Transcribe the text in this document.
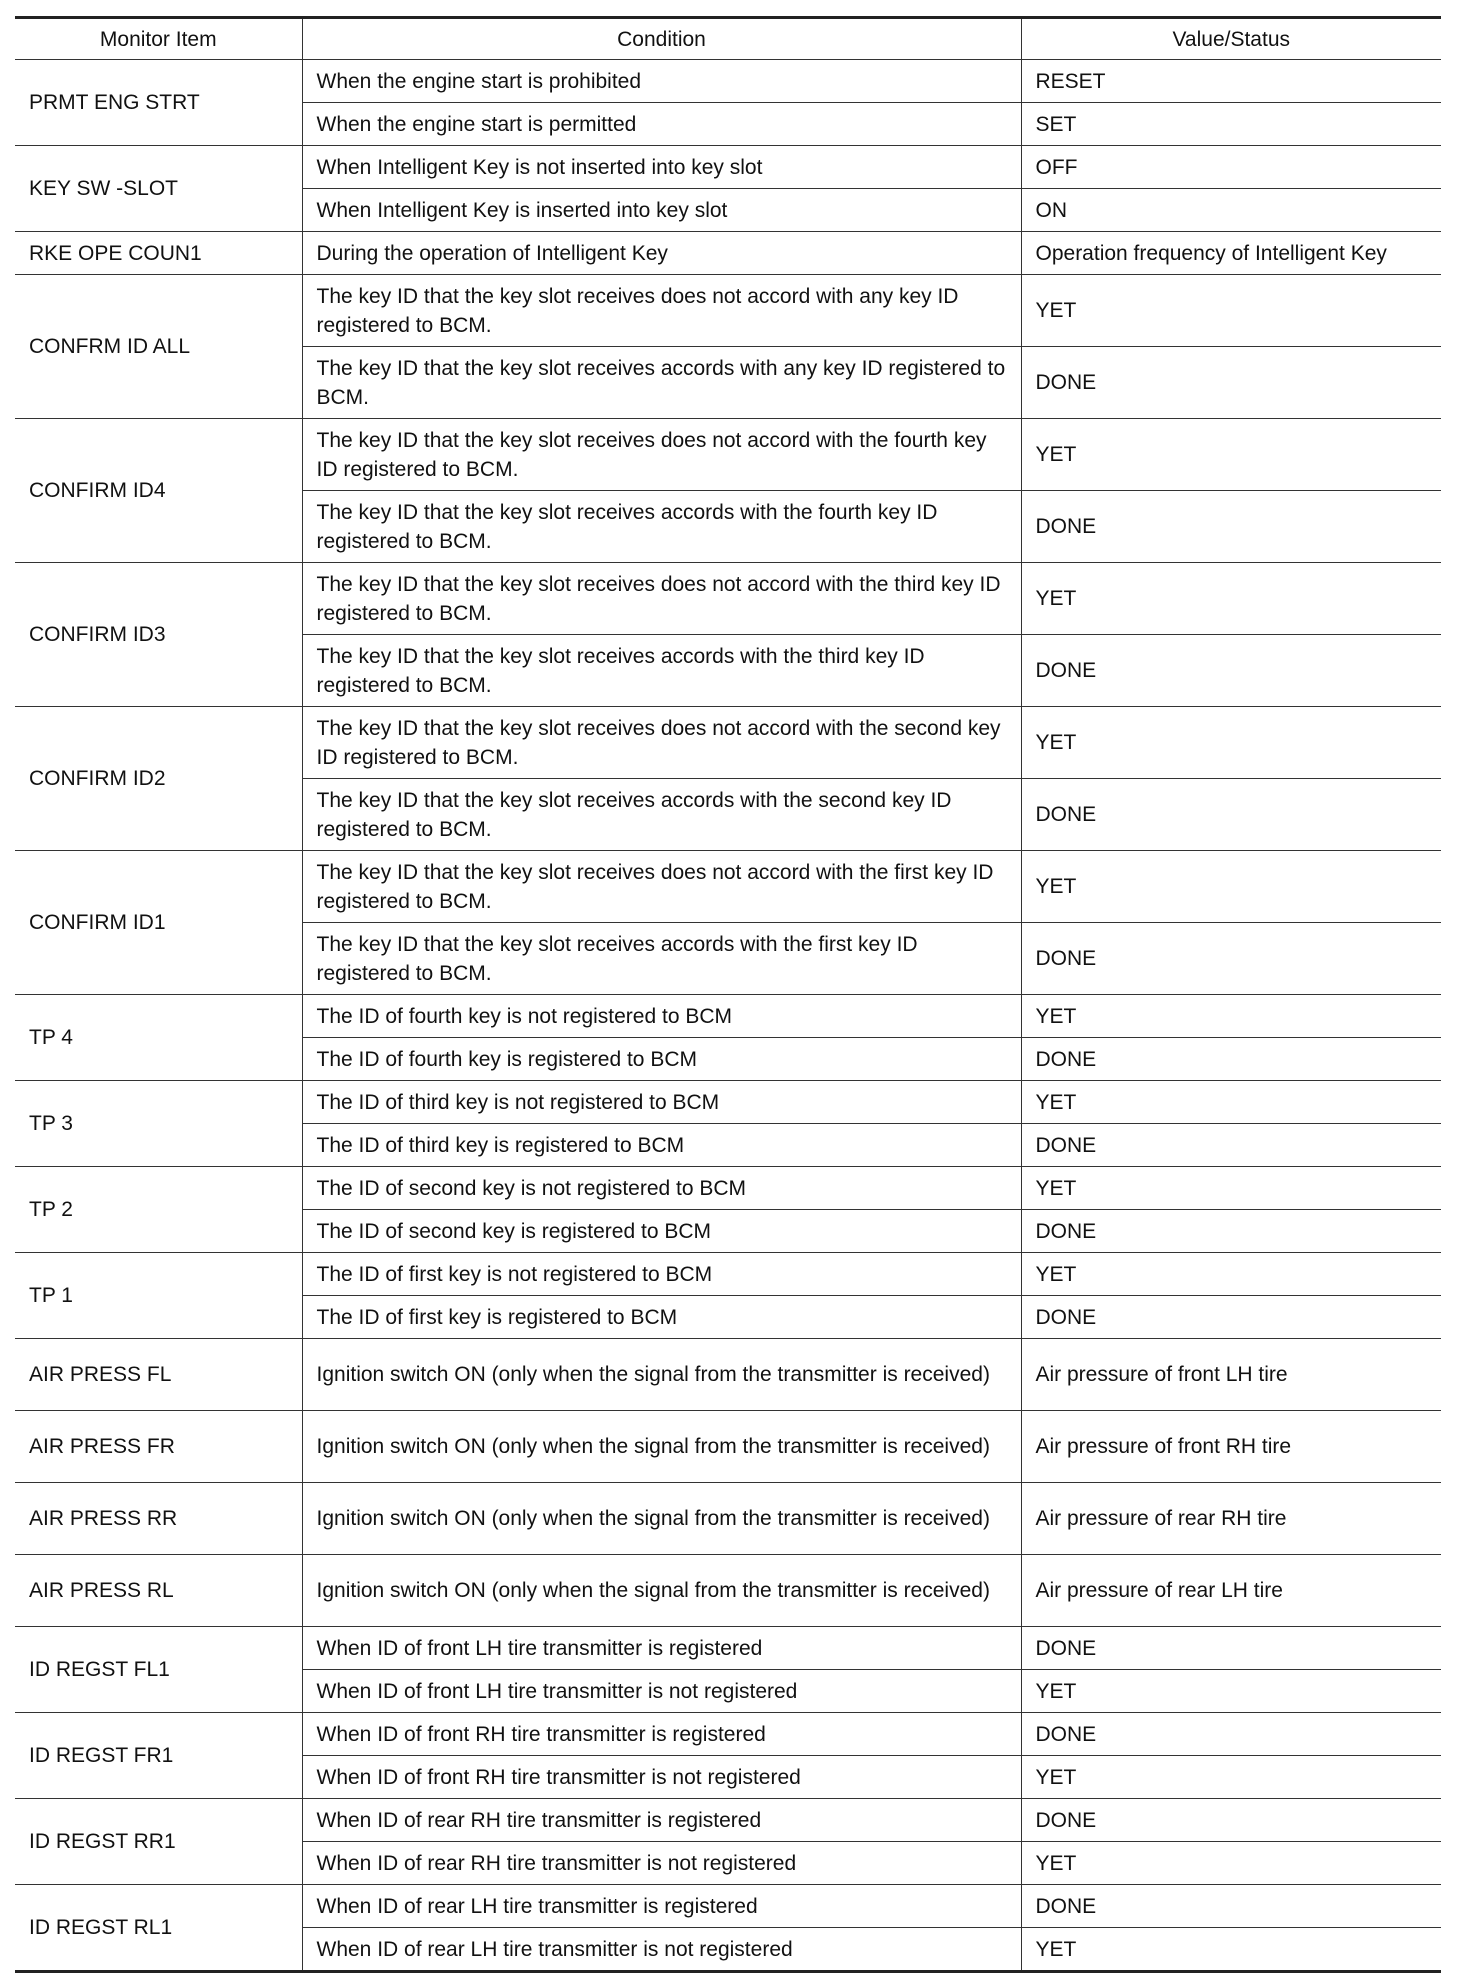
Monitor Item	Condition	Value/Status
PRMT ENG STRT	When the engine start is prohibited	RESET

	When the engine start is permitted	SET
KEY SW -SLOT	When Intelligent Key is not inserted into key slot	OFF

	When Intelligent Key is inserted into key slot	ON
RKE OPE COUN1	During the operation of Intelligent Key	Operation frequency of Intelligent Key
CONFRM ID ALL	The key ID that the key slot receives does not accord with any key ID registered to BCM.	YET

	The key ID that the key slot receives accords with any key ID registered to BCM.	DONE
CONFIRM ID4	The key ID that the key slot receives does not accord with the fourth key ID registered to BCM.	YET

	The key ID that the key slot receives accords with the fourth key ID registered to BCM.	DONE
CONFIRM ID3	The key ID that the key slot receives does not accord with the third key ID registered to BCM.	YET

	The key ID that the key slot receives accords with the third key ID registered to BCM.	DONE
CONFIRM ID2	The key ID that the key slot receives does not accord with the second key ID registered to BCM.	YET

	The key ID that the key slot receives accords with the second key ID registered to BCM.	DONE
CONFIRM ID1	The key ID that the key slot receives does not accord with the first key ID registered to BCM.	YET

	The key ID that the key slot receives accords with the first key ID registered to BCM.	DONE
TP 4	The ID of fourth key is not registered to BCM	YET

	The ID of fourth key is registered to BCM	DONE
TP 3	The ID of third key is not registered to BCM	YET

	The ID of third key is registered to BCM	DONE
TP 2	The ID of second key is not registered to BCM	YET

	The ID of second key is registered to BCM	DONE
TP 1	The ID of first key is not registered to BCM	YET

	The ID of first key is registered to BCM	DONE
AIR PRESS FL	Ignition switch ON (only when the signal from the transmitter is received)	Air pressure of front LH tire
AIR PRESS FR	Ignition switch ON (only when the signal from the transmitter is received)	Air pressure of front RH tire
AIR PRESS RR	Ignition switch ON (only when the signal from the transmitter is received)	Air pressure of rear RH tire
AIR PRESS RL	Ignition switch ON (only when the signal from the transmitter is received)	Air pressure of rear LH tire
ID REGST FL1	When ID of front LH tire transmitter is registered	DONE

	When ID of front LH tire transmitter is not registered	YET
ID REGST FR1	When ID of front RH tire transmitter is registered	DONE

	When ID of front RH tire transmitter is not registered	YET
ID REGST RR1	When ID of rear RH tire transmitter is registered	DONE

	When ID of rear RH tire transmitter is not registered	YET
ID REGST RL1	When ID of rear LH tire transmitter is registered	DONE

	When ID of rear LH tire transmitter is not registered	YET
